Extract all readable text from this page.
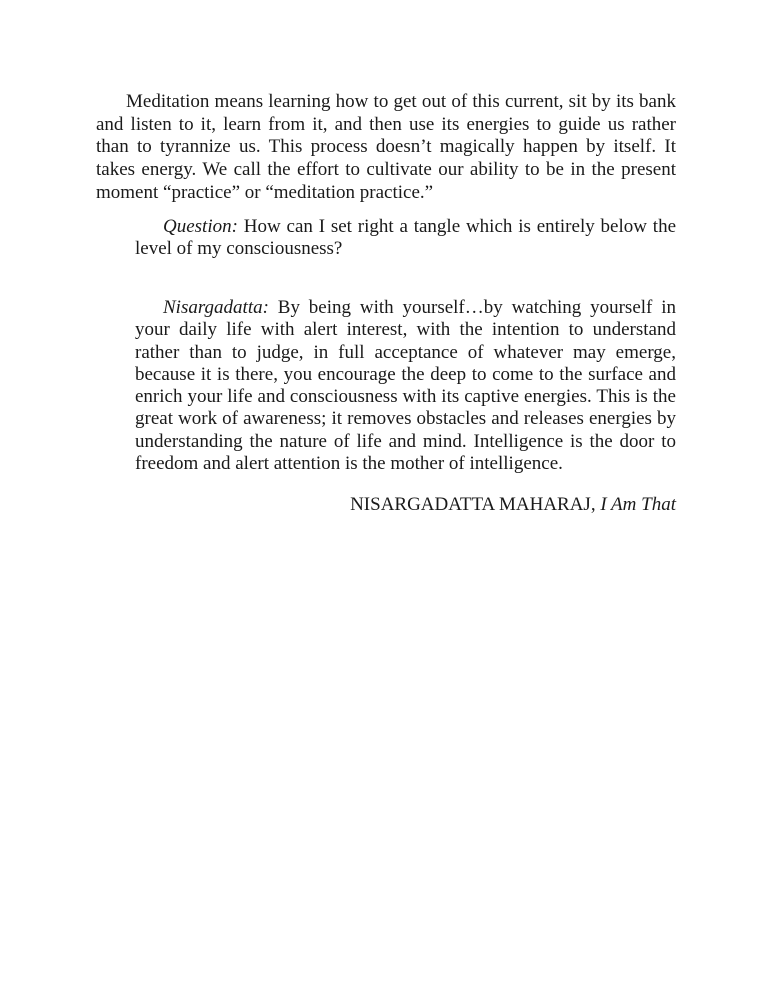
Meditation means learning how to get out of this current, sit by its bank and listen to it, learn from it, and then use its energies to guide us rather than to tyrannize us. This process doesn’t magically happen by itself. It takes energy. We call the effort to cultivate our ability to be in the present moment “practice” or “meditation practice.”

Question: How can I set right a tangle which is entirely below the level of my consciousness?

Nisargadatta: By being with yourself…by watching yourself in your daily life with alert interest, with the intention to understand rather than to judge, in full acceptance of whatever may emerge, because it is there, you encourage the deep to come to the surface and enrich your life and consciousness with its captive energies. This is the great work of awareness; it removes obstacles and releases energies by understanding the nature of life and mind. Intelligence is the door to freedom and alert attention is the mother of intelligence.

NISARGADATTA MAHARAJ, I Am That
